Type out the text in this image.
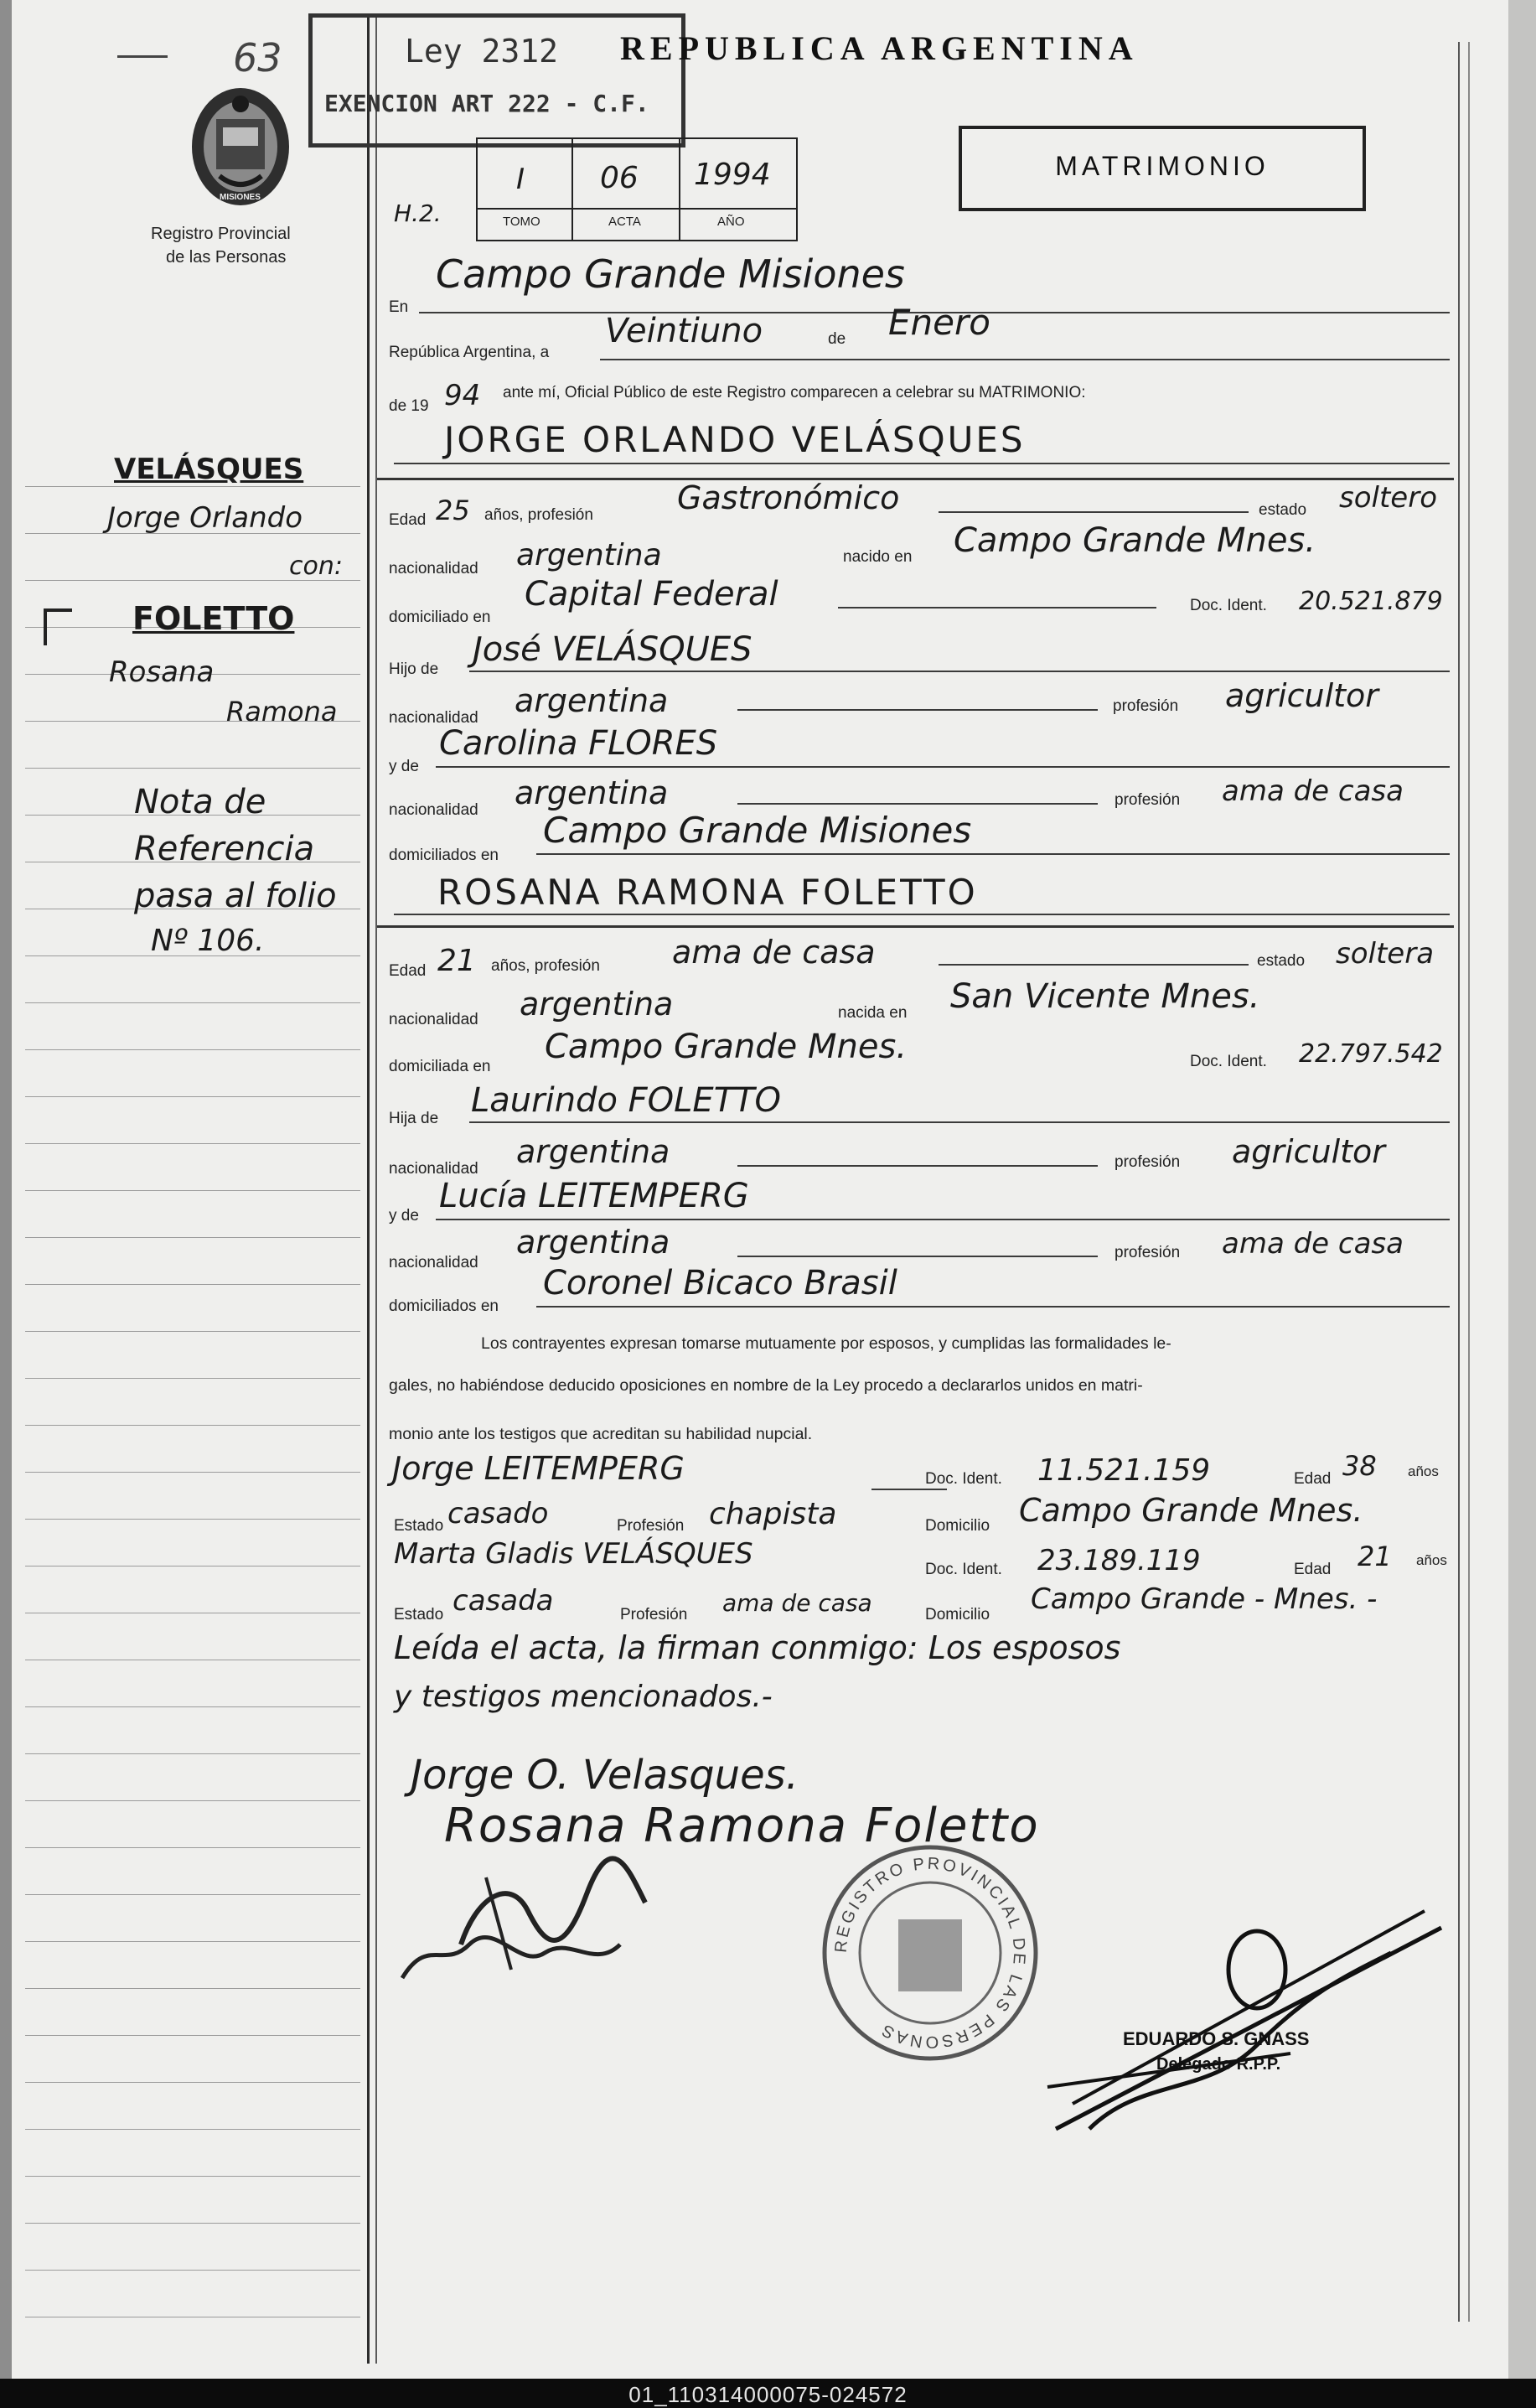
63	Ley 2312
EXENCION ART 222 - C.F.
REPUBLICA ARGENTINA
MISIONES
Registro Provincial
de las Personas
H.2.
I 06 1994
TOMO	ACTA	AÑO
MATRIMONIO
VELÁSQUES
Jorge Orlando
con:
FOLETTO
Rosana
Ramona
Nota de
Referencia
pasa al folio
Nº 106.
En
Campo Grande Misiones
República Argentina, a
Veintiuno	de Enero
de 19 94 ante mí, Oficial Público de este Registro comparecen a celebrar su MATRIMONIO:
JORGE ORLANDO VELÁSQUES
Edad 25 años, profesión	Gastronómico	estado soltero
nacionalidad argentina	nacido en Campo Grande Mnes.
domiciliado en
Capital Federal	Doc. Ident. 20.521.879
Hijo de
José VELÁSQUES
nacionalidad argentina	profesión agricultor
y de
Carolina FLORES
nacionalidad argentina	profesión ama de casa
domiciliados en
Campo Grande Misiones
ROSANA RAMONA FOLETTO
Edad 21 años, profesión ama de casa	estado soltera
nacionalidad argentina	nacida en San Vicente Mnes.
domiciliada en
Campo Grande Mnes.	Doc. Ident. 22.797.542
Hija de Laurindo FOLETTO
nacionalidad argentina	profesión agricultor
y de
Lucía LEITEMPERG
nacionalidad
argentina	profesión ama de casa
domiciliados en
Coronel Bicaco Brasil
Los contrayentes expresan tomarse mutuamente por esposos, y cumplidas las formalidades le-
gales, no habiéndose deducido oposiciones en nombre de la Ley procedo a declararlos unidos en matri-
monio ante los testigos que acreditan su habilidad nupcial.
Jorge LEITEMPERG	Doc. Ident. 11.521.159	Edad 38 años
Estado casado	Profesión chapista	Domicilio Campo Grande Mnes.
Marta Gladis VELÁSQUES	Doc. Ident. 23.189.119	Edad 21 años
Estado casada	Profesión ama de casa	Domicilio Campo Grande - Mnes. -
Leída el acta, la firman conmigo: Los esposos
y testigos mencionados.-
Jorge O. Velasques.
Rosana Ramona Foletto
REGISTRO PROVINCIAL DE LAS PERSONAS	EDUARDO S. GNASS
Delegado R.P.P.
01_110314000075-024572
